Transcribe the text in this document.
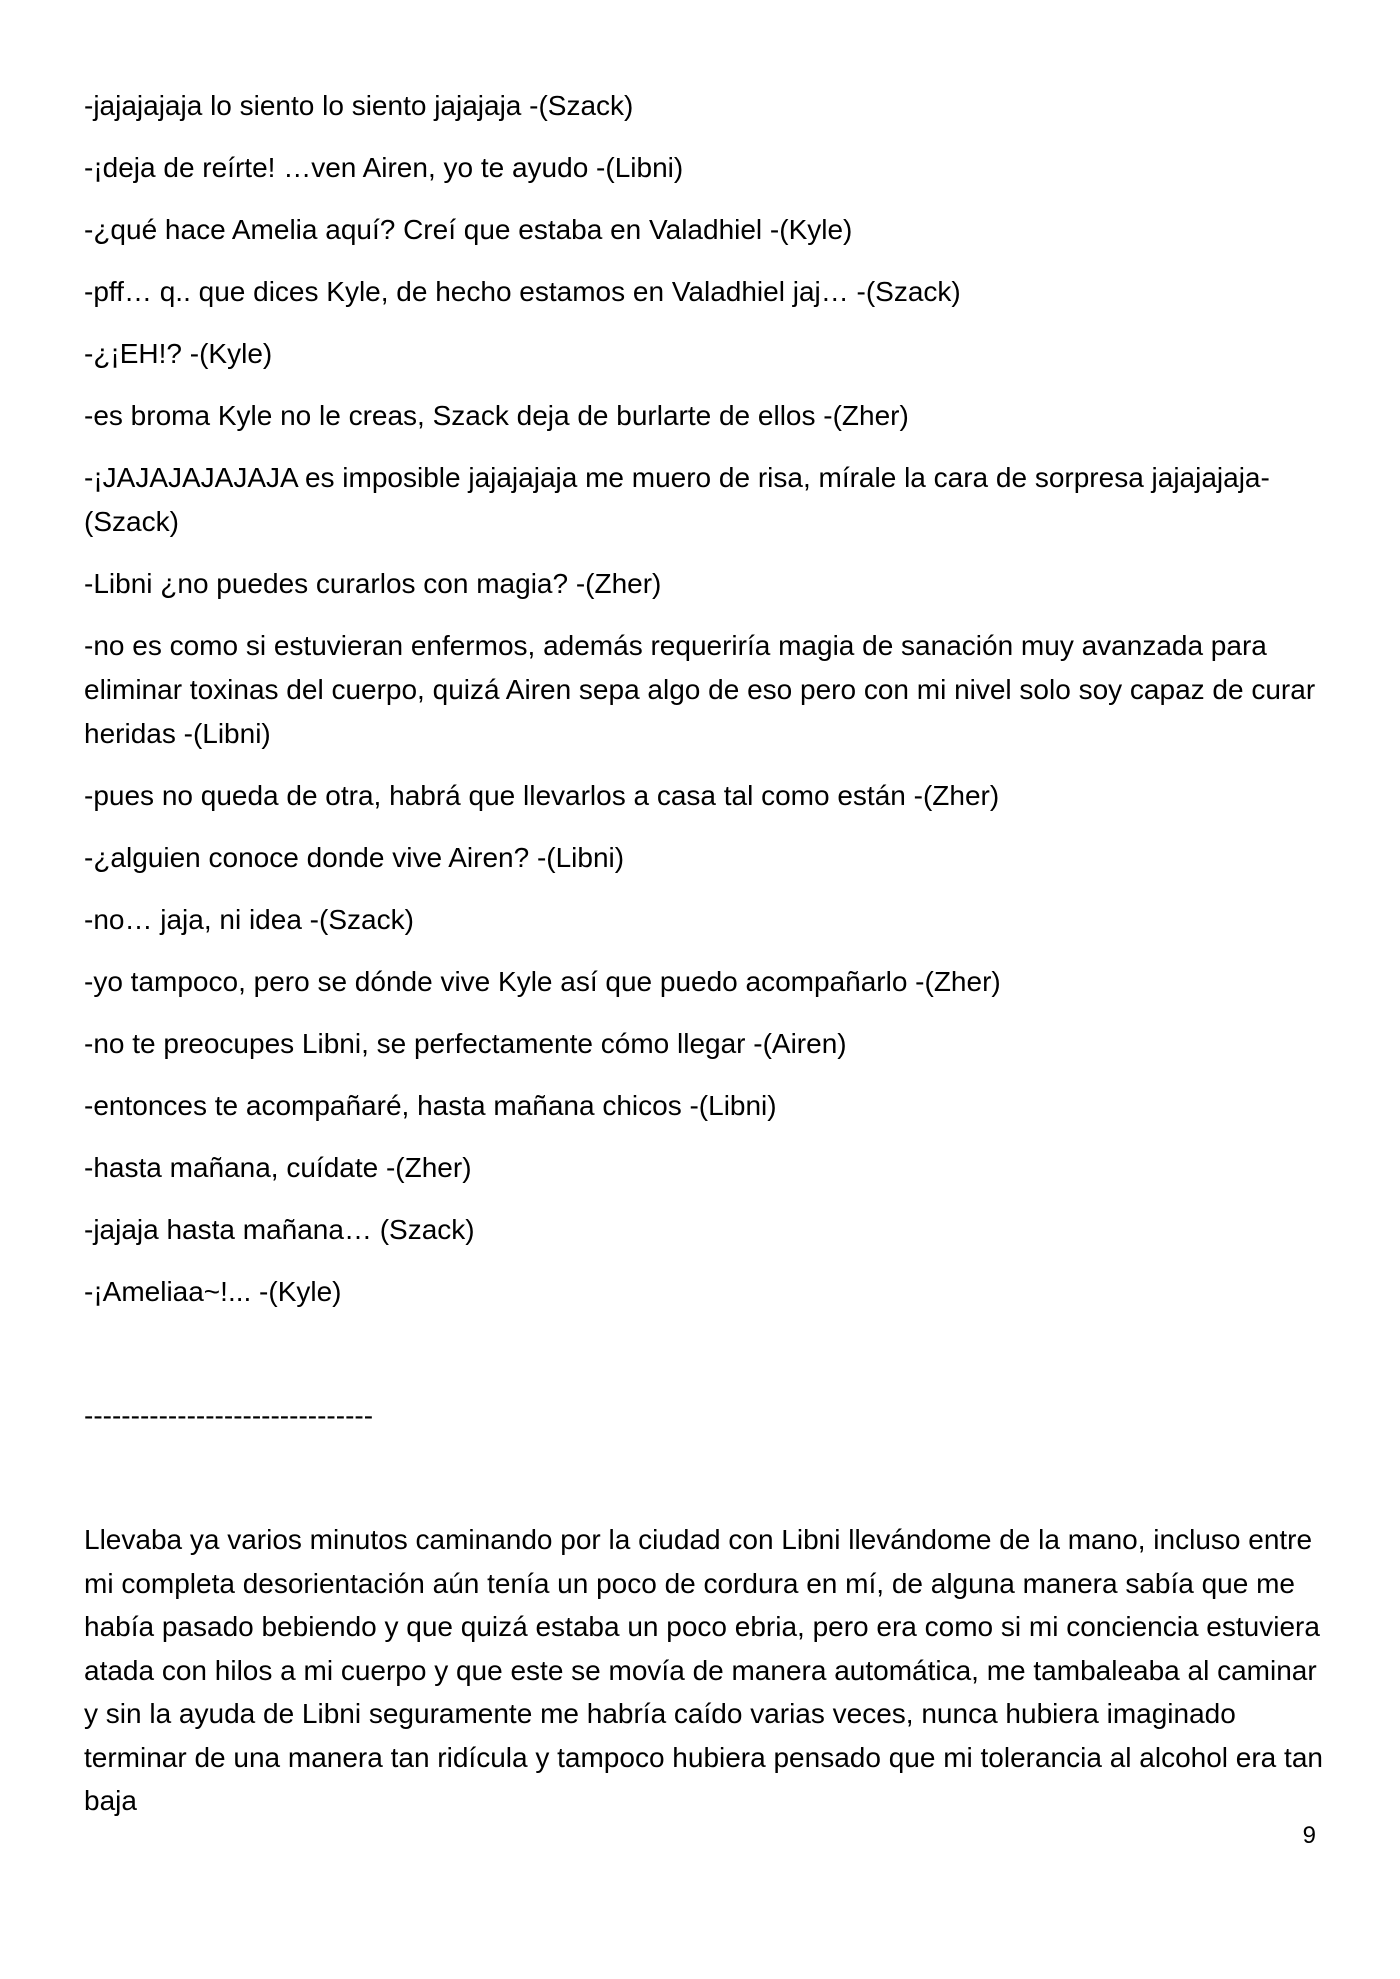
-jajajajaja lo siento lo siento jajajaja -(Szack)
-¡deja de reírte! …ven Airen, yo te ayudo -(Libni)
-¿qué hace Amelia aquí? Creí que estaba en Valadhiel -(Kyle)
-pff… q.. que dices Kyle, de hecho estamos en Valadhiel jaj… -(Szack)
-¿¡EH!? -(Kyle)
-es broma Kyle no le creas, Szack deja de burlarte de ellos -(Zher)
-¡JAJAJAJAJAJA es imposible jajajajaja me muero de risa, mírale la cara de sorpresa jajajajaja-(Szack)
-Libni ¿no puedes curarlos con magia? -(Zher)
-no es como si estuvieran enfermos, además requeriría magia de sanación muy avanzada para eliminar toxinas del cuerpo, quizá Airen sepa algo de eso pero con mi nivel solo soy capaz de curar heridas -(Libni)
-pues no queda de otra, habrá que llevarlos a casa tal como están -(Zher)
-¿alguien conoce donde vive Airen? -(Libni)
-no… jaja, ni idea -(Szack)
-yo tampoco, pero se dónde vive Kyle así que puedo acompañarlo -(Zher)
-no te preocupes Libni, se perfectamente cómo llegar -(Airen)
-entonces te acompañaré, hasta mañana chicos -(Libni)
-hasta mañana, cuídate -(Zher)
-jajaja hasta mañana… (Szack)
-¡Ameliaa~!... -(Kyle)
-------------------------------

Llevaba ya varios minutos caminando por la ciudad con Libni llevándome de la mano, incluso entre mi completa desorientación aún tenía un poco de cordura en mí, de alguna manera sabía que me había pasado bebiendo y que quizá estaba un poco ebria, pero era como si mi conciencia estuviera atada con hilos a mi cuerpo y que este se movía de manera automática, me tambaleaba al caminar y sin la ayuda de Libni seguramente me habría caído varias veces, nunca hubiera imaginado terminar de una manera tan ridícula y tampoco hubiera pensado que mi tolerancia al alcohol era tan baja

9
